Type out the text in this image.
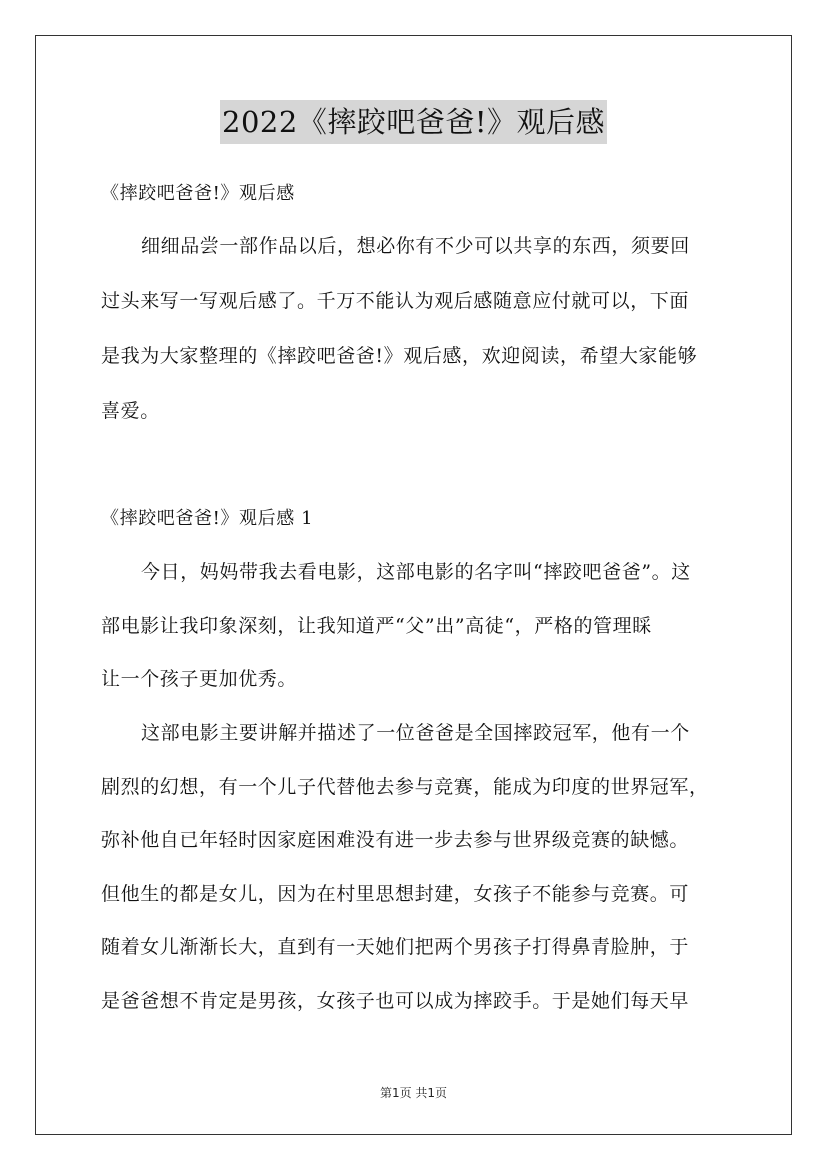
2022《摔跤吧爸爸!》观后感
《摔跤吧爸爸!》观后感
细细品尝一部作品以后，想必你有不少可以共享的东西，须要回
过头来写一写观后感了。千万不能认为观后感随意应付就可以，下面
是我为大家整理的《摔跤吧爸爸!》观后感，欢迎阅读，希望大家能够
喜爱。
《摔跤吧爸爸!》观后感 1
今日，妈妈带我去看电影，这部电影的名字叫“摔跤吧爸爸”。这
部电影让我印象深刻，让我知道严“父”出”高徒“，严格的管理睬
让一个孩子更加优秀。
这部电影主要讲解并描述了一位爸爸是全国摔跤冠军，他有一个
剧烈的幻想，有一个儿子代替他去参与竞赛，能成为印度的世界冠军，
弥补他自已年轻时因家庭困难没有进一步去参与世界级竞赛的缺憾。
但他生的都是女儿，因为在村里思想封建，女孩子不能参与竞赛。可
随着女儿渐渐长大，直到有一天她们把两个男孩子打得鼻青脸肿，于
是爸爸想不肯定是男孩，女孩子也可以成为摔跤手。于是她们每天早
第1页 共1页
